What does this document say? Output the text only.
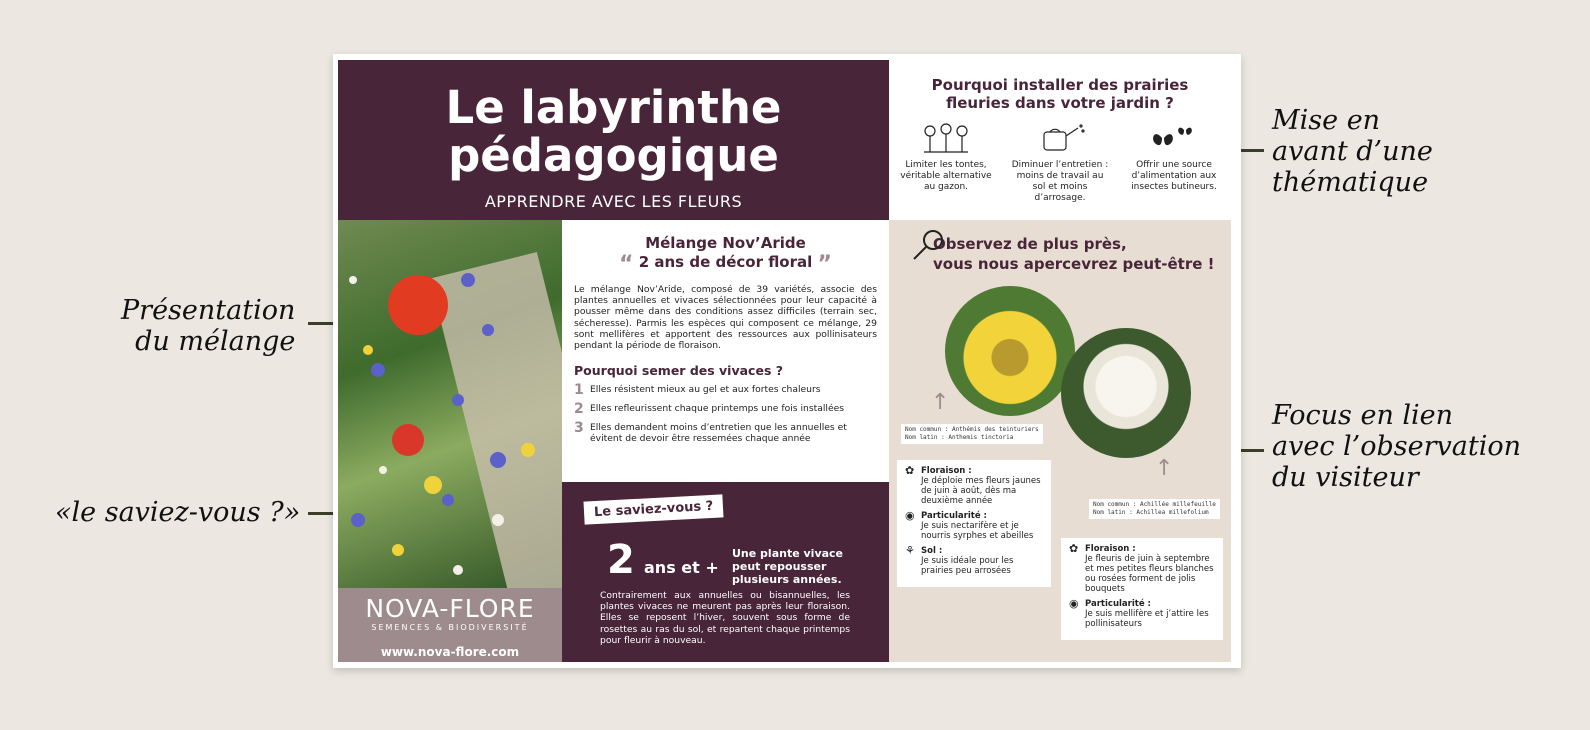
Présentation
du mélange
«le saviez-vous ?»
Mise en
avant d’une
thématique
Focus en lien
avec l’observation
du visiteur
Le labyrinthe
pédagogique
APPRENDRE AVEC LES FLEURS
Pourquoi installer des prairies
fleuries dans votre jardin ?
Limiter les tontes, véritable alternative au gazon.
Diminuer l’entretien : moins de travail au sol et moins d’arrosage.
Offrir une source d’alimentation aux insectes butineurs.
NOVA-FLORE
SEMENCES & BIODIVERSITÉ
www.nova-flore.com
Mélange Nov’Aride
“ 2 ans de décor floral ”

Le mélange Nov’Aride, composé de 39 variétés, associe des plantes annuelles et vivaces sélectionnées pour leur capacité à pousser même dans des conditions assez difficiles (terrain sec, sécheresse). Parmis les espèces qui composent ce mélange, 29 sont mellifères et apportent des ressources aux pollinisateurs pendant la période de floraison.

Pourquoi semer des vivaces ?
1 Elles résistent mieux au gel et aux fortes chaleurs
2 Elles refleurissent chaque printemps une fois installées
3 Elles demandent moins d’entretien que les annuelles et évitent de devoir être ressemées chaque année
Le saviez-vous ?
2 ans et +
Une plante vivace peut repousser plusieurs années.

Contrairement aux annuelles ou bisannuelles, les plantes vivaces ne meurent pas après leur floraison. Elles se reposent l’hiver, souvent sous forme de rosettes au ras du sol, et repartent chaque printemps pour fleurir à nouveau.

Observez de plus près,
vous nous apercevrez peut-être !
↑
↑
Nom commun : Anthémis des teinturiers
Nom latin : Anthemis tinctoria
Nom commun : Achillée millefeuille
Nom latin : Achillea millefolium
✿ Floraison :
Je déploie mes fleurs jaunes de juin à août, dès ma deuxième année
◉ Particularité :
Je suis nectarifère et je nourris syrphes et abeilles
⚘ Sol :
Je suis idéale pour les prairies peu arrosées
✿ Floraison :
Je fleuris de juin à septembre et mes petites fleurs blanches ou rosées forment de jolis bouquets
◉ Particularité :
Je suis mellifère et j’attire les pollinisateurs
